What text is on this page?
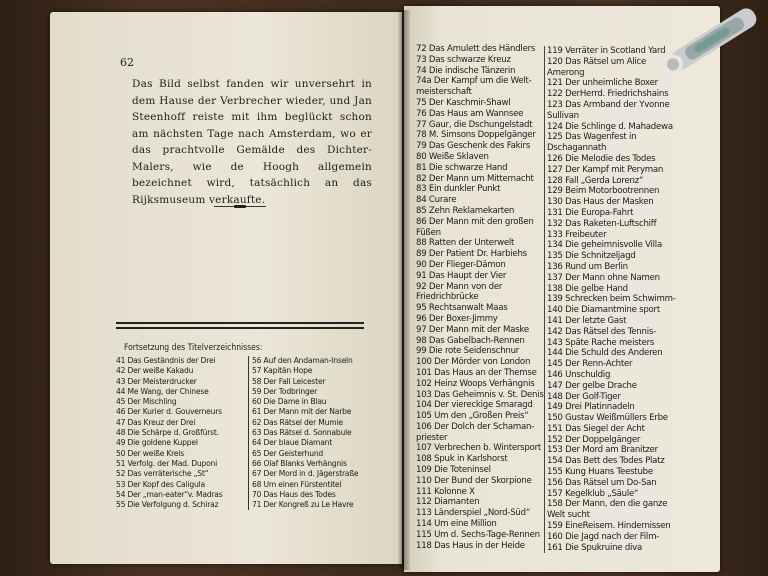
62
Das Bild selbst fanden wir unversehrt in dem Hause der Verbrecher wieder, und Jan Steenhoff reiste mit ihm beglückt schon am nächsten Tage nach Amsterdam, wo er das prachtvolle Gemälde des Dichter-Malers, wie de Hoogh allgemein bezeichnet wird, tatsächlich an das Rijksmuseum verkaufte.
Fortsetzung des Titelverzeichnisses:
41 Das Geständnis der Drei
42 Der weiße Kakadu
43 Der Meisterdrucker
44 Me Wang, der Chinese
45 Der Mischling
46 Der Kurier d. Gouverneurs
47 Das Kreuz der Drei
48 Die Schärpe d. Großfürst.
49 Die goldene Kuppel
50 Der weiße Kreis
51 Verfolg. der Mad. Duponi
52 Das verräterische „St“
53 Der Kopf des Caligula
54 Der „man-eater“v. Madras
55 Die Verfolgung d. Schiraz
56 Auf den Andaman-Inseln
57 Kapitän Hope
58 Der Fall Leicester
59 Der Todbringer
60 Die Dame in Blau
61 Der Mann mit der Narbe
62 Das Rätsel der Mumie
63 Das Rätsel d. Sonnabule
64 Der blaue Diamant
65 Der Geisterhund
66 Olaf Blanks Verhängnis
67 Der Mord in d. Jägerstraße
68 Um einen Fürstentitel
70 Das Haus des Todes
71 Der Kongreß zu Le Havre
72 Das Amulett des Händlers
73 Das schwarze Kreuz
74 Die indische Tänzerin
74a Der Kampf um die Welt-
meisterschaft
75 Der Kaschmir-Shawl
76 Das Haus am Wannsee
77 Gaur, die Dschungelstadt
78 M. Simsons Doppelgänger
79 Das Geschenk des Fakirs
80 Weiße Sklaven
81 Die schwarze Hand
82 Der Mann um Mitternacht
83 Ein dunkler Punkt
84 Curare
85 Zehn Reklamekarten
86 Der Mann mit den großen
Füßen
88 Ratten der Unterwelt
89 Der Patient Dr. Harbiehs
90 Der Flieger-Dämon
91 Das Haupt der Vier
92 Der Mann von der
Friedrichbrücke
95 Rechtsanwalt Maas
96 Der Boxer-Jimmy
97 Der Mann mit der Maske
98 Das Gabelbach-Rennen
99 Die rote Seidenschnur
100 Der Mörder von London
101 Das Haus an der Themse
102 Heinz Woops Verhängnis
103 Das Geheimnis v. St. Denis
104 Der viereckige Smaragd
105 Um den „Großen Preis“
106 Der Dolch der Schaman-
priester
107 Verbrechen b. Wintersport
108 Spuk in Karlshorst
109 Die Toteninsel
110 Der Bund der Skorpione
111 Kolonne X
112 Diamanten
113 Länderspiel „Nord-Süd“
114 Um eine Million
115 Um d. Sechs-Tage-Rennen
118 Das Haus in der Heide
119 Verräter in Scotland Yard
120 Das Rätsel um Alice
Amerong
121 Der unheimliche Boxer
122 DerHerrd. Friedrichshains
123 Das Armband der Yvonne
Sullivan
124 Die Schlinge d. Mahadewa
125 Das Wagenfest in
Dschagannath
126 Die Melodie des Todes
127 Der Kampf mit Peryman
128 Fall „Gerda Lorenz“
129 Beim Motorbootrennen
130 Das Haus der Masken
131 Die Europa-Fahrt
132 Das Raketen-Luftschiff
133 Freibeuter
134 Die geheimnisvolle Villa
135 Die Schnitzeljagd
136 Rund um Berlin
137 Der Mann ohne Namen
138 Die gelbe Hand
139 Schrecken beim Schwimm-
140 Die Diamantmine sport
141 Der letzte Gast
142 Das Rätsel des Tennis-
143 Späte Rache meisters
144 Die Schuld des Anderen
145 Der Renn-Achter
146 Unschuldig
147 Der gelbe Drache
148 Der Golf-Tiger
149 Drei Platinnadeln
150 Gustav Weißmüllers Erbe
151 Das Siegel der Acht
152 Der Doppelgänger
153 Der Mord am Branitzer
154 Das Bett des Todes Platz
155 Kung Huans Teestube
156 Das Rätsel um Do-San
157 Kegelklub „Säule“
158 Der Mann, den die ganze
Welt sucht
159 EineReisem. Hindernissen
160 Die Jagd nach der Film-
161 Die Spukruine diva
